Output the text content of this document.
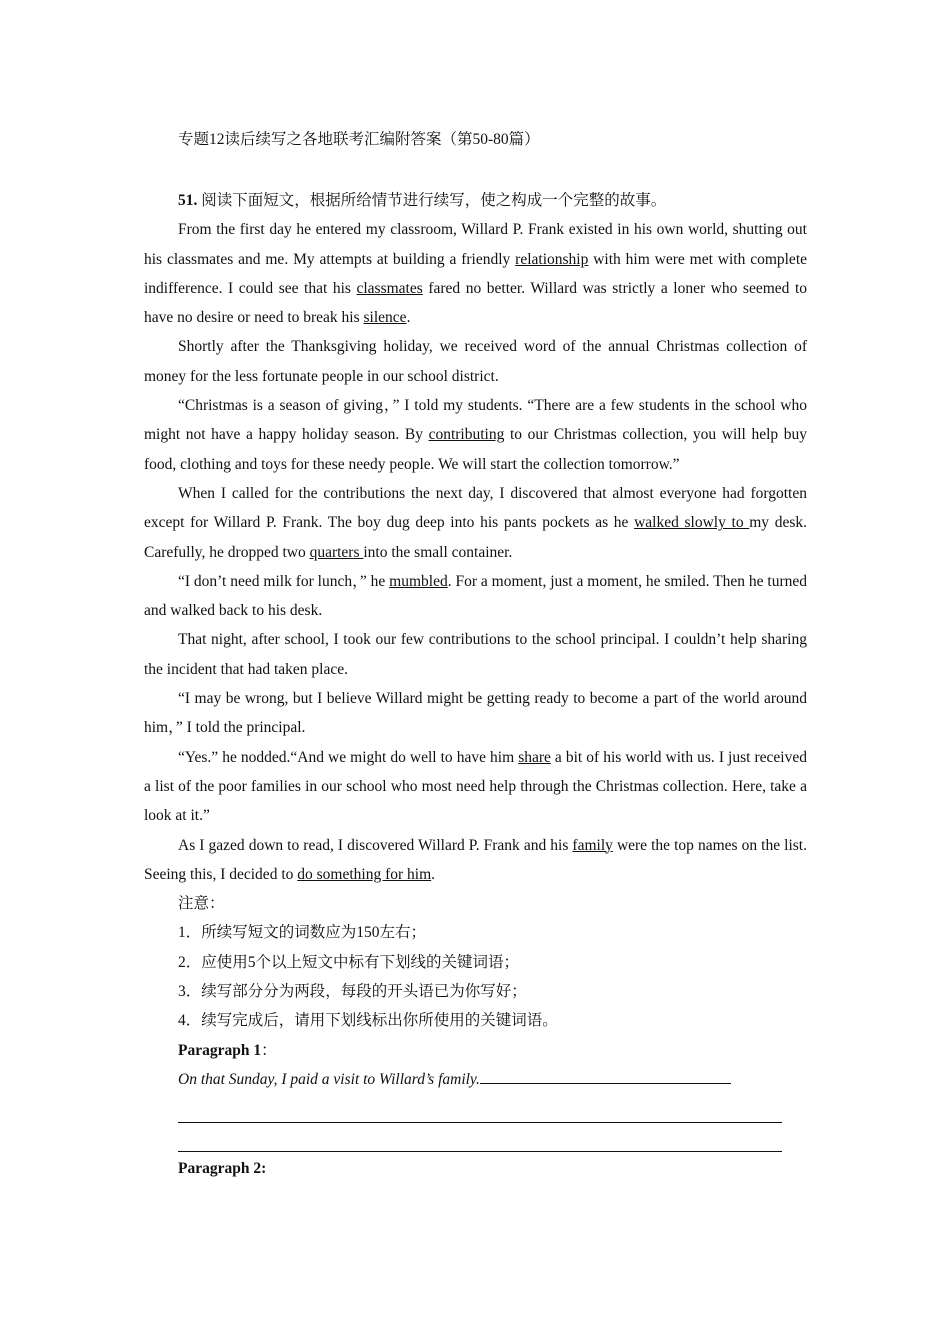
专题12读后续写之各地联考汇编附答案（第50-80篇）

51. 阅读下面短文，根据所给情节进行续写，使之构成一个完整的故事。

From the first day he entered my classroom, Willard P. Frank existed in his own world, shutting out his classmates and me. My attempts at building a friendly relationship with him were met with complete indifference. I could see that his classmates fared no better. Willard was strictly a loner who seemed to have no desire or need to break his silence.

Shortly after the Thanksgiving holiday, we received word of the annual Christmas collection of money for the less fortunate people in our school district.

“Christmas is a season of giving，” I told my students. “There are a few students in the school who might not have a happy holiday season. By contributing to our Christmas collection, you will help buy food, clothing and toys for these needy people. We will start the collection tomorrow.”

When I called for the contributions the next day, I discovered that almost everyone had forgotten except for Willard P. Frank. The boy dug deep into his pants pockets as he walked slowly to my desk. Carefully, he dropped two quarters into the small container.

“I don’t need milk for lunch，” he mumbled. For a moment, just a moment, he smiled. Then he turned and walked back to his desk.

That night, after school, I took our few contributions to the school principal. I couldn’t help sharing the incident that had taken place.

“I may be wrong, but I believe Willard might be getting ready to become a part of the world around him，” I told the principal.

“Yes.” he nodded.“And we might do well to have him share a bit of his world with us. I just received a list of the poor families in our school who most need help through the Christmas collection. Here, take a look at it.”

As I gazed down to read, I discovered Willard P. Frank and his family were the top names on the list. Seeing this, I decided to do something for him.

注意：

1．所续写短文的词数应为150左右；

2．应使用5个以上短文中标有下划线的关键词语；

3．续写部分分为两段，每段的开头语已为你写好；

4．续写完成后，请用下划线标出你所使用的关键词语。

Paragraph 1：

On that Sunday, I paid a visit to Willard’s family.

Paragraph 2:
